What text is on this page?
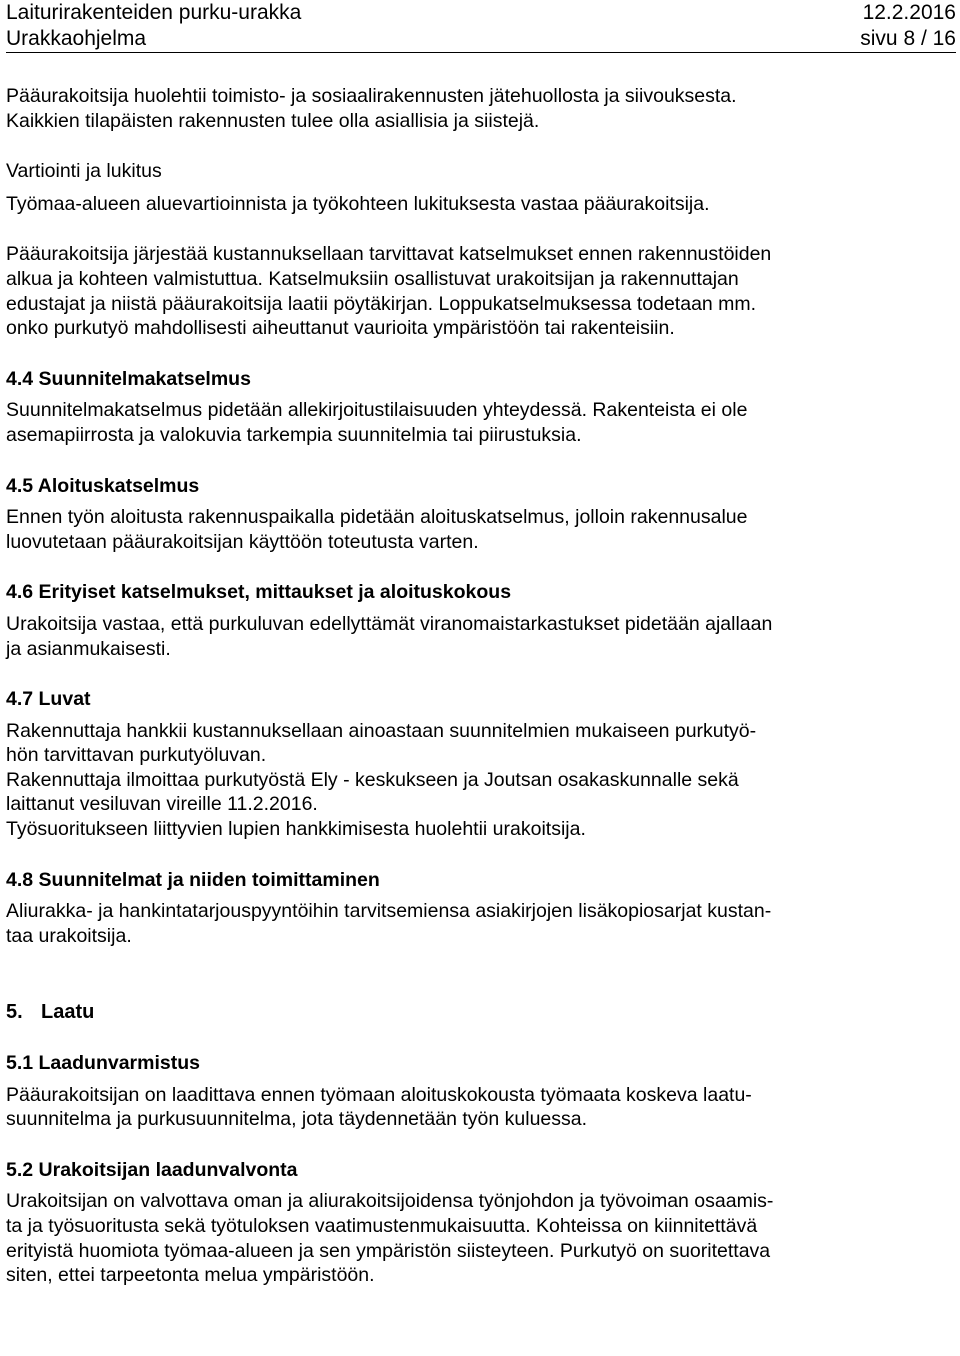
Laiturirakenteiden purku-urakka	12.2.2016
Urakkaohjelma	sivu 8 / 16

Pääurakoitsija huolehtii toimisto- ja sosiaalirakennusten jätehuollosta ja siivouksesta.

Kaikkien tilapäisten rakennusten tulee olla asiallisia ja siistejä.

Vartiointi ja lukitus

Työmaa-alueen aluevartioinnista ja työkohteen lukituksesta vastaa pääurakoitsija.

Pääurakoitsija järjestää kustannuksellaan tarvittavat katselmukset ennen rakennustöiden

alkua ja kohteen valmistuttua. Katselmuksiin osallistuvat urakoitsijan ja rakennuttajan

edustajat ja niistä pääurakoitsija laatii pöytäkirjan. Loppukatselmuksessa todetaan mm.

onko purkutyö mahdollisesti aiheuttanut vaurioita ympäristöön tai rakenteisiin.

4.4 Suunnitelmakatselmus

Suunnitelmakatselmus pidetään allekirjoitustilaisuuden yhteydessä. Rakenteista ei ole

asemapiirrosta ja valokuvia tarkempia suunnitelmia tai piirustuksia.

4.5 Aloituskatselmus

Ennen työn aloitusta rakennuspaikalla pidetään aloituskatselmus, jolloin rakennusalue

luovutetaan pääurakoitsijan käyttöön toteutusta varten.

4.6 Erityiset katselmukset, mittaukset ja aloituskokous

Urakoitsija vastaa, että purkuluvan edellyttämät viranomaistarkastukset pidetään ajallaan

ja asianmukaisesti.

4.7 Luvat

Rakennuttaja hankkii kustannuksellaan ainoastaan suunnitelmien mukaiseen purkutyö-

hön tarvittavan purkutyöluvan.

Rakennuttaja ilmoittaa purkutyöstä Ely - keskukseen ja Joutsan osakaskunnalle sekä

laittanut vesiluvan vireille 11.2.2016.

Työsuoritukseen liittyvien lupien hankkimisesta huolehtii urakoitsija.

4.8 Suunnitelmat ja niiden toimittaminen

Aliurakka- ja hankintatarjouspyyntöihin tarvitsemiensa asiakirjojen lisäkopiosarjat kustan-

taa urakoitsija.

5. Laatu
5.1 Laadunvarmistus

Pääurakoitsijan on laadittava ennen työmaan aloituskokousta työmaata koskeva laatu-

suunnitelma ja purkusuunnitelma, jota täydennetään työn kuluessa.

5.2 Urakoitsijan laadunvalvonta

Urakoitsijan on valvottava oman ja aliurakoitsijoidensa työnjohdon ja työvoiman osaamis-

ta ja työsuoritusta sekä työtuloksen vaatimustenmukaisuutta. Kohteissa on kiinnitettävä

erityistä huomiota työmaa-alueen ja sen ympäristön siisteyteen. Purkutyö on suoritettava

siten, ettei tarpeetonta melua ympäristöön.
